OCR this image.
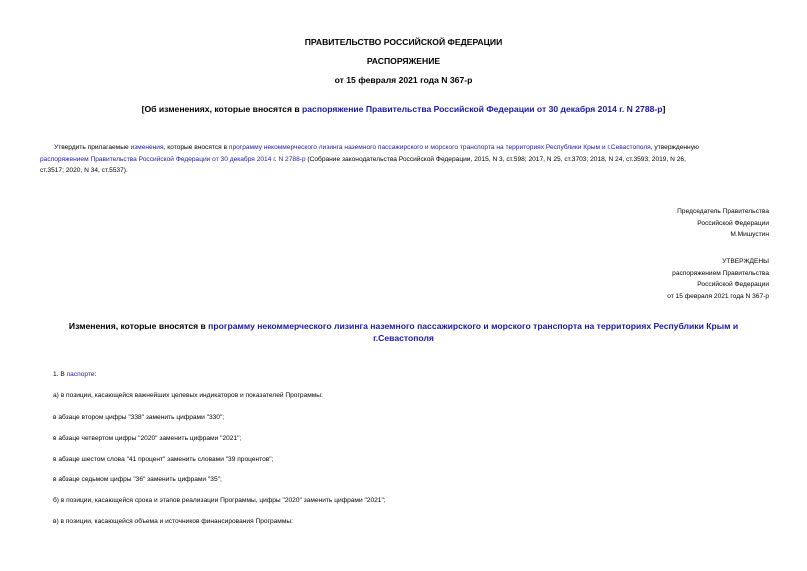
ПРАВИТЕЛЬСТВО РОССИЙСКОЙ ФЕДЕРАЦИИ
РАСПОРЯЖЕНИЕ
от 15 февраля 2021 года N 367-р
[Об изменениях, которые вносятся в распоряжение Правительства Российской Федерации от 30 декабря 2014 г. N 2788-р]
Утвердить прилагаемые изменения, которые вносятся в программу некоммерческого лизинга наземного пассажирского и морского транспорта на территориях Республики Крым и г.Севастополя, утвержденную
распоряжением Правительства Российской Федерации от 30 декабря 2014 г. N 2788-р (Собрание законодательства Российской Федерации, 2015, N 3, ст.598; 2017, N 25, ст.3703; 2018, N 24, ст.3593; 2019, N 26,
ст.3517; 2020, N 34, ст.5537).
Председатель Правительства
Российской Федерации
М.Мишустин
УТВЕРЖДЕНЫ
распоряжением Правительства
Российской Федерации
от 15 февраля 2021 года N 367-р
Изменения, которые вносятся в программу некоммерческого лизинга наземного пассажирского и морского транспорта на территориях Республики Крым и
г.Севастополя
1. В паспорте:
а) в позиции, касающейся важнейших целевых индикаторов и показателей Программы:
в абзаце втором цифры "338" заменить цифрами "330";
в абзаце четвертом цифры "2020" заменить цифрами "2021";
в абзаце шестом слова "41 процент" заменить словами "39 процентов";
в абзаце седьмом цифры "36" заменить цифрами "35";
б) в позиции, касающейся срока и этапов реализации Программы, цифры "2020" заменить цифрами "2021";
в) в позиции, касающейся объема и источников финансирования Программы:
